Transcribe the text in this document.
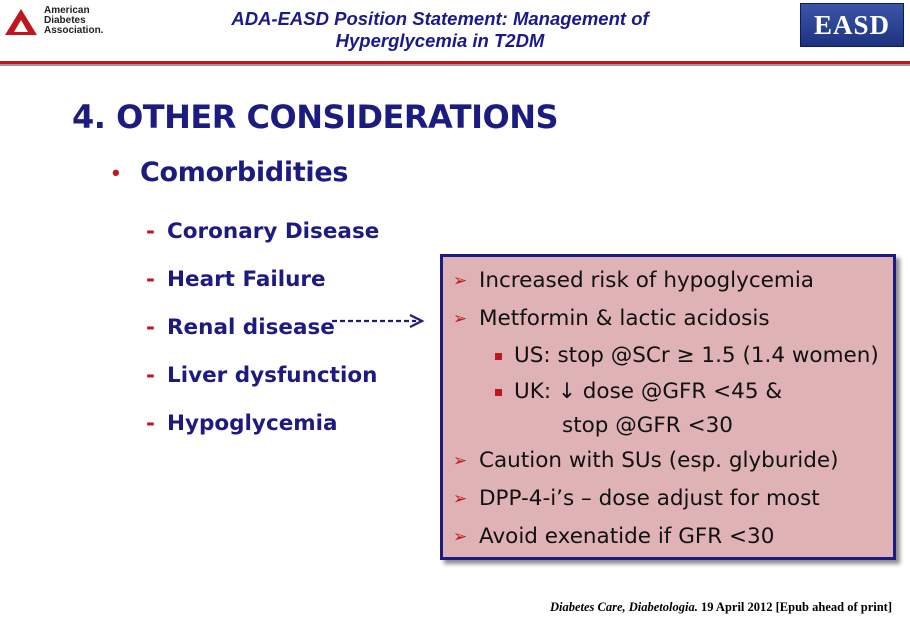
American
Diabetes
Association.
ADA-EASD Position Statement: Management of
Hyperglycemia in T2DM
EASD
4. OTHER CONSIDERATIONS
• Comorbidities
- Coronary Disease
- Heart Failure
- Renal disease
- Liver dysfunction
- Hypoglycemia
➢ Increased risk of hypoglycemia
➢ Metformin & lactic acidosis
US: stop @SCr ≥ 1.5 (1.4 women)
UK: ↓ dose @GFR <45 &
stop @GFR <30
➢ Caution with SUs (esp. glyburide)
➢ DPP-4-i’s – dose adjust for most
➢ Avoid exenatide if GFR <30
Diabetes Care, Diabetologia. 19 April 2012 [Epub ahead of print]
